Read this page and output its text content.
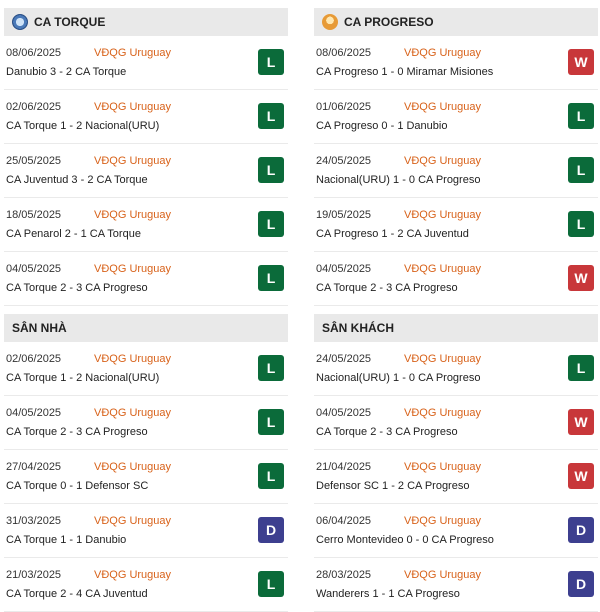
CA TORQUE
08/06/2025	VĐQG Uruguay
Danubio 3 - 2 CA Torque
L
02/06/2025	VĐQG Uruguay
CA Torque 1 - 2 Nacional(URU)
L
25/05/2025	VĐQG Uruguay
CA Juventud 3 - 2 CA Torque
L
18/05/2025	VĐQG Uruguay
CA Penarol 2 - 1 CA Torque
L
04/05/2025	VĐQG Uruguay
CA Torque 2 - 3 CA Progreso
L
SÂN NHÀ
02/06/2025	VĐQG Uruguay
CA Torque 1 - 2 Nacional(URU)
L
04/05/2025	VĐQG Uruguay
CA Torque 2 - 3 CA Progreso
L
27/04/2025	VĐQG Uruguay
CA Torque 0 - 1 Defensor SC
L
31/03/2025	VĐQG Uruguay
CA Torque 1 - 1 Danubio
D
21/03/2025	VĐQG Uruguay
CA Torque 2 - 4 CA Juventud
L
CA PROGRESO
08/06/2025	VĐQG Uruguay
CA Progreso 1 - 0 Miramar Misiones
W
01/06/2025	VĐQG Uruguay
CA Progreso 0 - 1 Danubio
L
24/05/2025	VĐQG Uruguay
Nacional(URU) 1 - 0 CA Progreso
L
19/05/2025	VĐQG Uruguay
CA Progreso 1 - 2 CA Juventud
L
04/05/2025	VĐQG Uruguay
CA Torque 2 - 3 CA Progreso
W
SÂN KHÁCH
24/05/2025	VĐQG Uruguay
Nacional(URU) 1 - 0 CA Progreso
L
04/05/2025	VĐQG Uruguay
CA Torque 2 - 3 CA Progreso
W
21/04/2025	VĐQG Uruguay
Defensor SC 1 - 2 CA Progreso
W
06/04/2025	VĐQG Uruguay
Cerro Montevideo 0 - 0 CA Progreso
D
28/03/2025	VĐQG Uruguay
Wanderers 1 - 1 CA Progreso
D
